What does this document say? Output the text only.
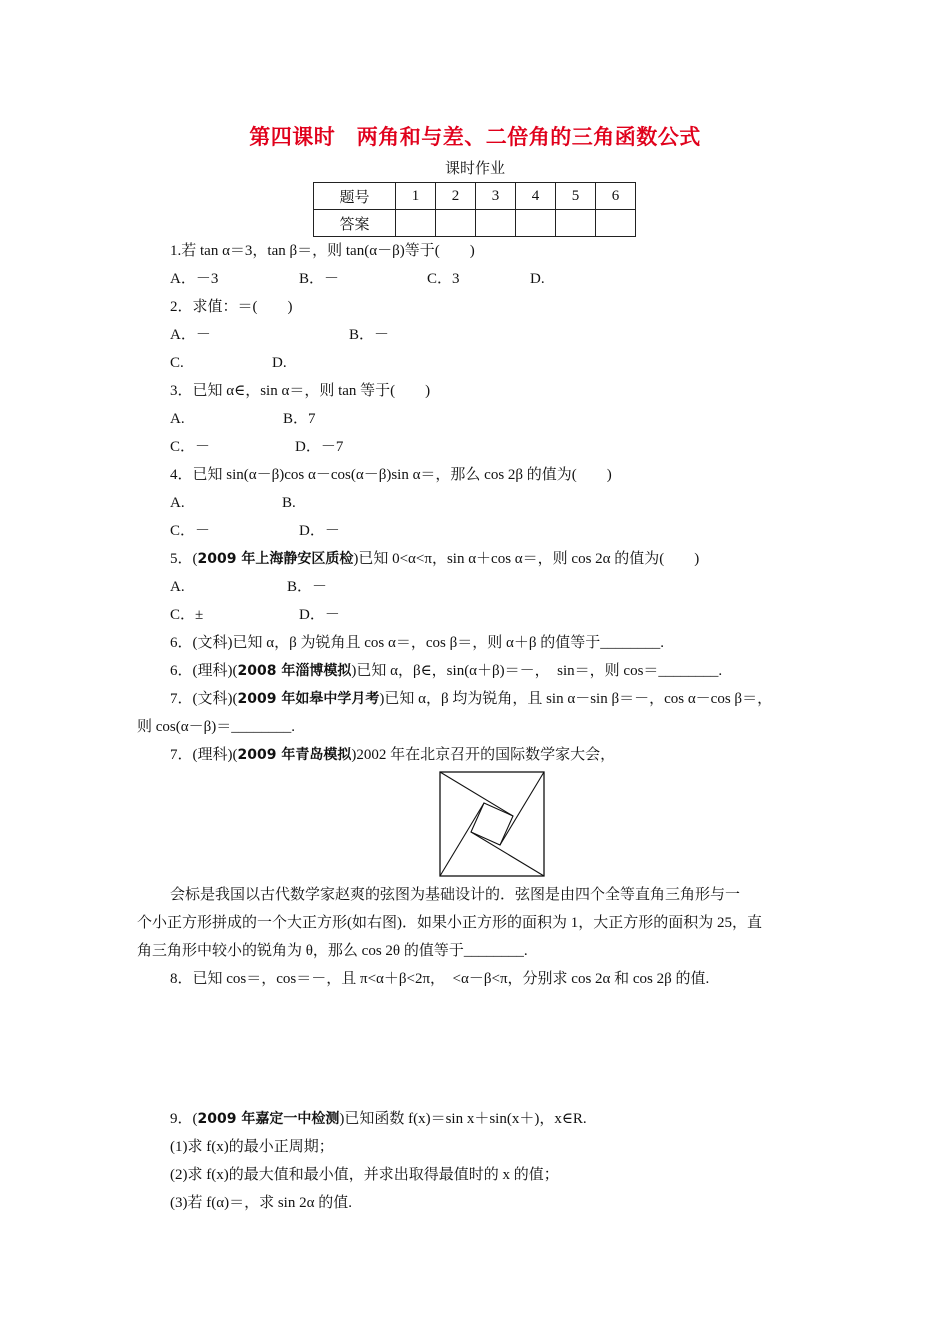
第四课时　两角和与差、二倍角的三角函数公式
课时作业
题号	1	2	3	4	5	6
答案						
1.若 tan α＝3，tan β＝，则 tan(α－β)等于(　　)
A．－3	B．－	C．3	D.
2．求值：＝(　　)
A．－	B．－
C.	D.
3．已知 α∈，sin α＝，则 tan 等于(　　)
A.	B．7
C．－	D．－7
4．已知 sin(α－β)cos α－cos(α－β)sin α＝，那么 cos 2β 的值为(　　)
A.	B.
C．－	D．－
5．(2009 年上海静安区质检)已知 0<α<π，sin α＋cos α＝，则 cos 2α 的值为(　　)
A.	B．－
C．±	D．－
6．(文科)已知 α，β 为锐角且 cos α＝，cos β＝，则 α＋β 的值等于________.
6．(理科)(2008 年淄博模拟)已知 α，β∈，sin(α＋β)＝－，  sin＝，则 cos＝________.
7．(文科)(2009 年如皋中学月考)已知 α，β 均为锐角，且 sin α－sin β＝－，cos α－cos β＝，
则 cos(α－β)＝________.
7．(理科)(2009 年青岛模拟)2002 年在北京召开的国际数学家大会，
会标是我国以古代数学家赵爽的弦图为基础设计的．弦图是由四个全等直角三角形与一
个小正方形拼成的一个大正方形(如右图)．如果小正方形的面积为 1，大正方形的面积为 25，直
角三角形中较小的锐角为 θ，那么 cos 2θ 的值等于________.
8．已知 cos＝，cos＝－，且 π<α＋β<2π，  <α－β<π，分别求 cos 2α 和 cos 2β 的值.
9．(2009 年嘉定一中检测)已知函数 f(x)＝sin x＋sin(x＋)，x∈R.
(1)求 f(x)的最小正周期；
(2)求 f(x)的最大值和最小值，并求出取得最值时的 x 的值；
(3)若 f(α)＝，求 sin 2α 的值.
